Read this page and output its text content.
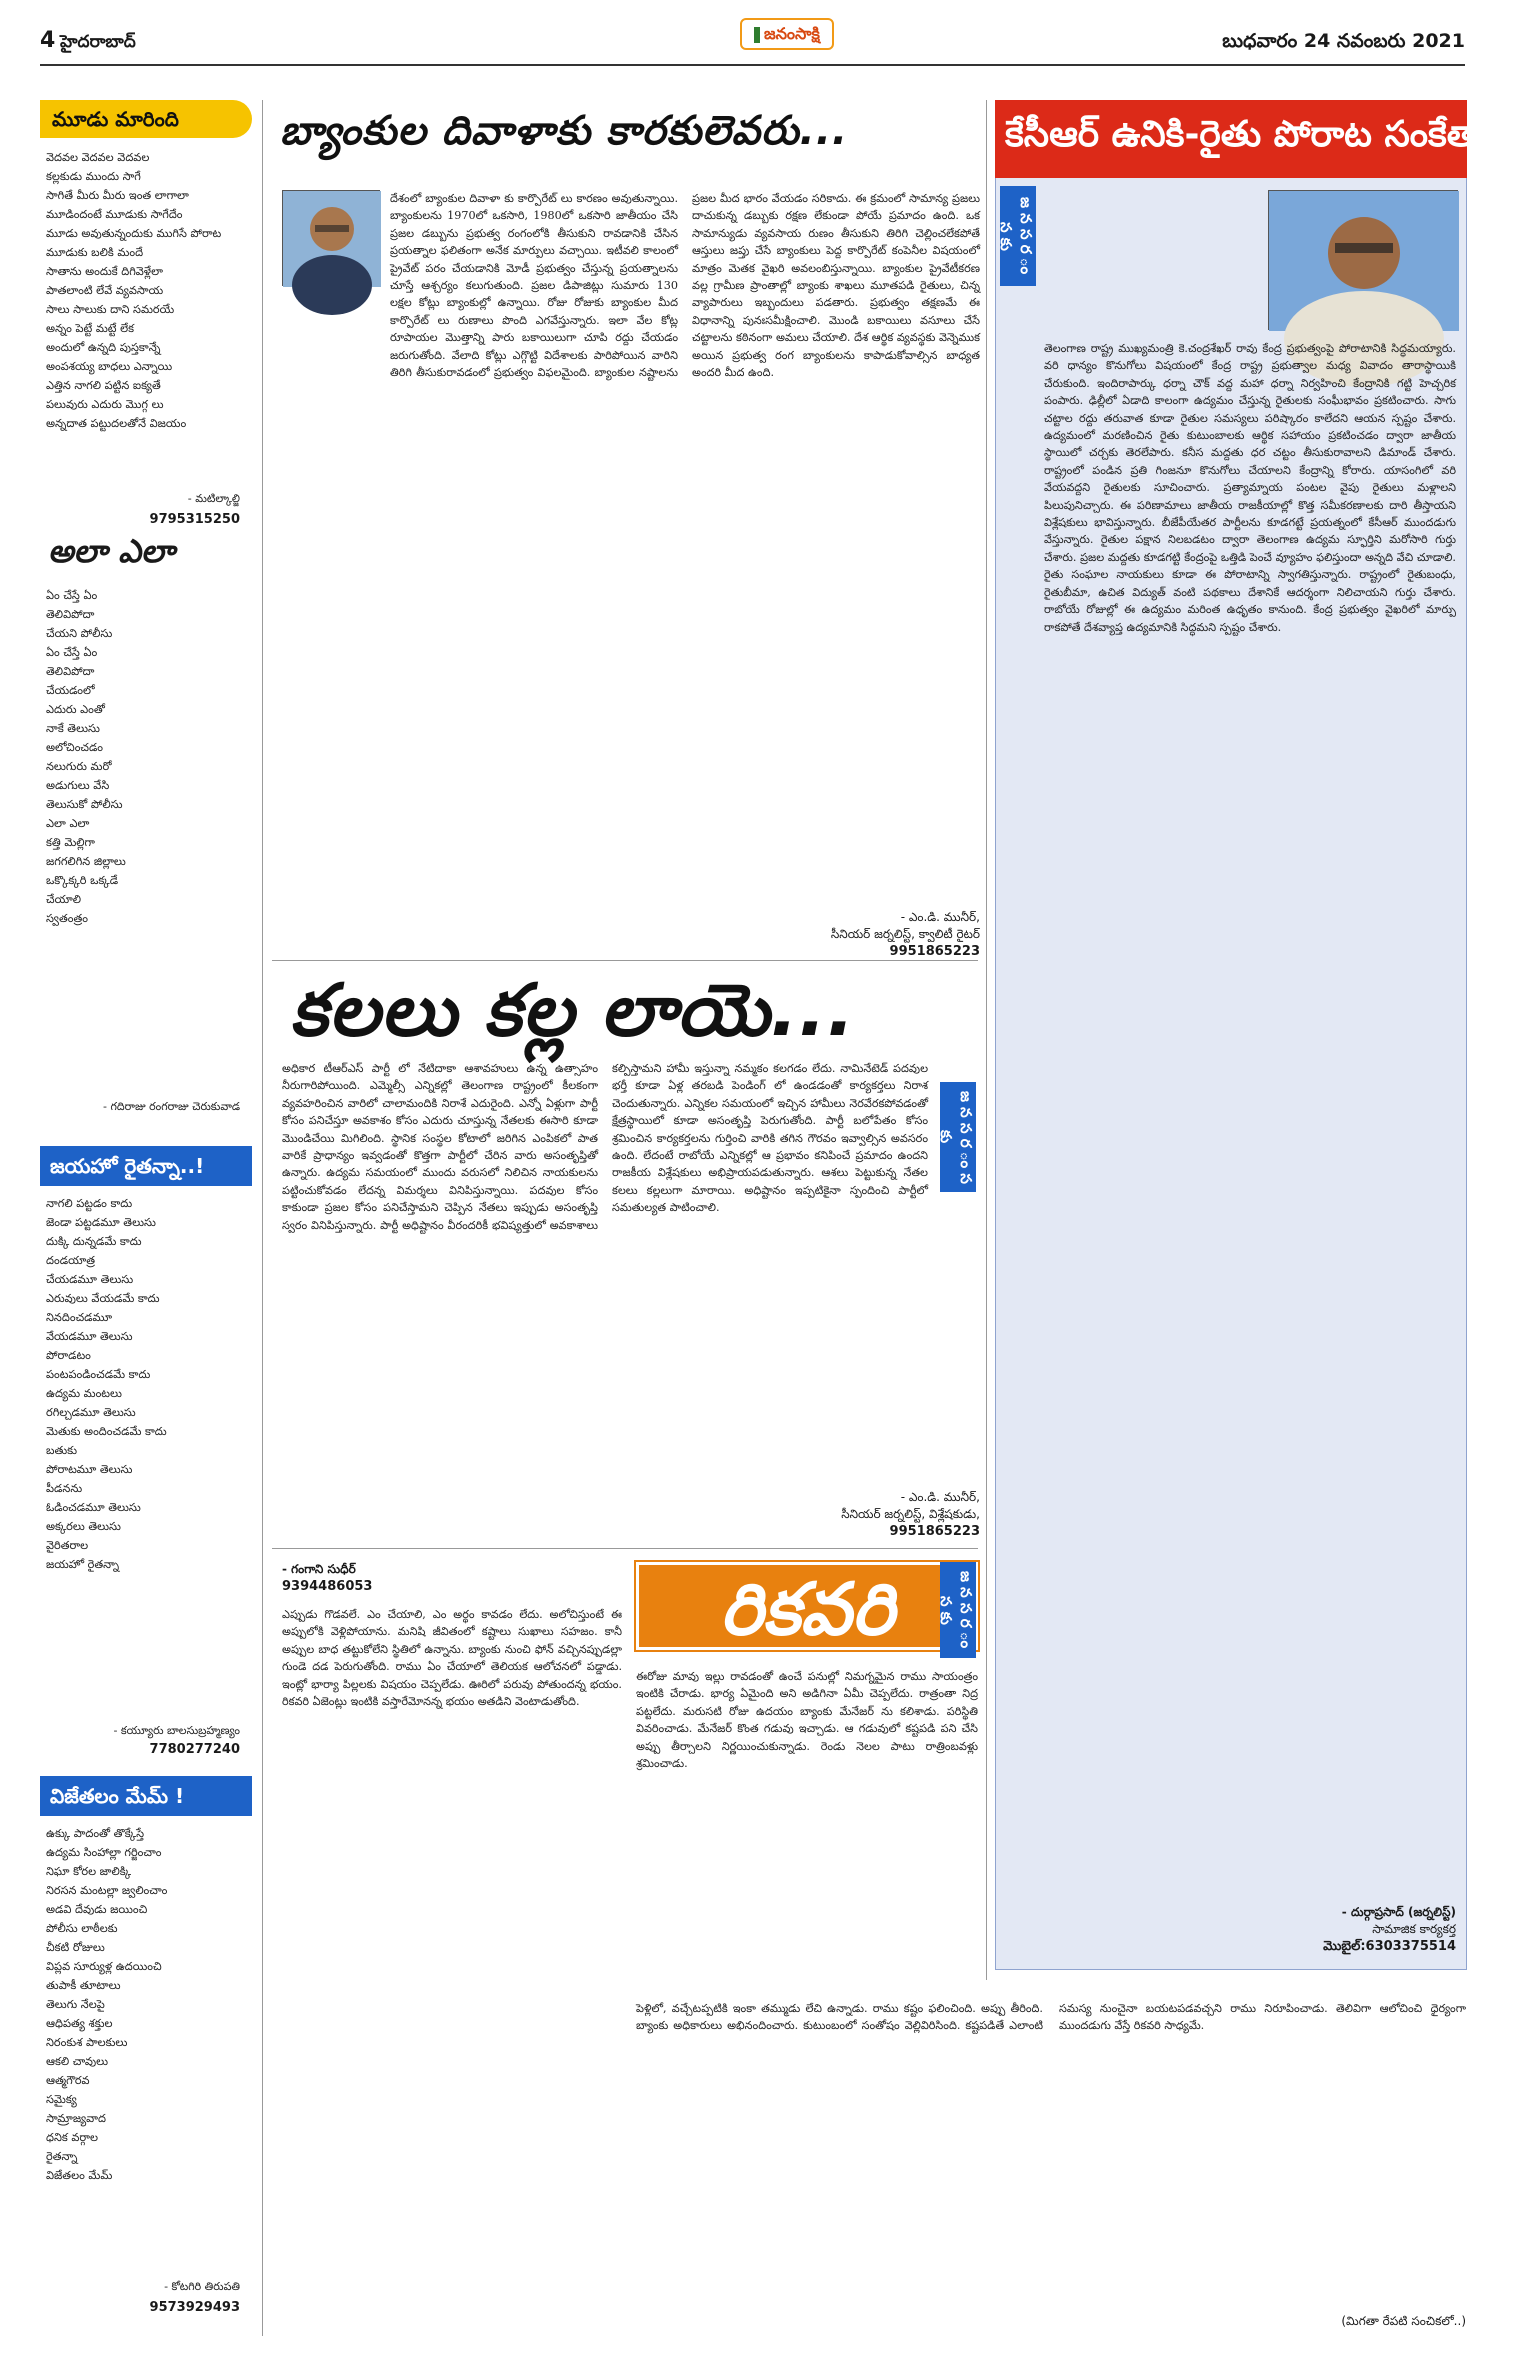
4 హైదరాబాద్	జనంసాక్షి	బుధవారం 24 నవంబరు 2021
మూడు మారింది
వెదవల వెదవల వెదవల
కల్లకుడు ముందు సాగే
సాగితే మీరు మీరు ఇంత లాగాలా
మూడిందంటే మూడుకు సాగేదేం
మూడు అవుతున్నందుకు ముగిసే పోరాట
మూడుకు బలికి మందే
సాతాను అందుకే దిగివెళ్లేలా
పాతలాంటి లేవే వ్యవసాయ
సాలు సాలుకు దాని సమరయే
అన్నం పెట్టే మట్టే లేక
అందులో ఉన్నది పుస్తకాన్నే
అంపశయ్య బాధలు ఎన్నాయి
ఎత్తిన నాగలి పట్టిన ఐక్యతే
పలువురు ఎదురు మొగ్గ లు
అన్నదాత పట్టుదలతోనే విజయం
- మటిల్కాల్జి
9795315250
అలా ఎలా
ఏం చేస్తే ఏం
తెలివిపోదా
చేయని పోలీసు
ఏం చేస్తే ఏం
తెలివిపోదా
చేయడంలో
ఎదురు ఎంతో
నాకే తెలుసు
అలోచించడం
నలుగురు మరో
అడుగులు వేసి
తెలుసుకో పోలీసు
ఎలా ఎలా
కత్తి మెల్లిగా
జగగలిగిన జిల్లాలు
ఒక్కొక్కరి ఒక్కడే
చేయాలి
స్వతంత్రం
- గదిరాజు రంగరాజు చెరుకువాడ
జయహో రైతన్నా..!
నాగలి పట్టడం కాదు
జెండా పట్టడమూ తెలుసు
దుక్కి దున్నడమే కాదు
దండయాత్ర
చేయడమూ తెలుసు
ఎరువులు వేయడమే కాదు
నినదించడమూ
వేయడమూ తెలుసు
పోరాడటం
పంటపండించడమే కాదు
ఉద్యమ మంటలు
రగిల్చడమూ తెలుసు
మెతుకు అందించడమే కాదు
బతుకు
పోరాటమూ తెలుసు
పీడనను
ఓడించడమూ తెలుసు
అక్కరలు తెలుసు
వైరితరాల
జయహో రైతన్నా
- కయ్యూరు బాలసుబ్రహ్మణ్యం
7780277240
విజేతలం మేమ్ !
ఉక్కు పాదంతో తొక్కేస్తే
ఉద్యమ సింహాల్లా గర్జించాం
నిఘా కోరల జాలిక్కి
నిరసన మంటల్లా జ్వలించాం
అడవి దేవుడు జయించి
పోలీసు లాఠీలకు
చీకటి రోజులు
విప్లవ సూర్యుళ్ల ఉదయించి
తుపాకీ తూటాలు
తెలుగు నేలపై
ఆధిపత్య శక్తుల
నిరంకుశ పాలకులు
ఆకలి చావులు
ఆత్మగౌరవ
సమైక్య
సామ్రాజ్యవాద
ధనిక వర్గాల
రైతన్నా
విజేతలం మేమ్
- కోటగిరి తిరుపతి
9573929493
బ్యాంకుల దివాళాకు కారకులెవరు...
దేశంలో బ్యాంకుల దివాళా కు కార్పొరేట్ లు కారణం అవుతున్నాయి. బ్యాంకులను 1970లో ఒకసారి, 1980లో ఒకసారి జాతీయం చేసి ప్రజల డబ్బును ప్రభుత్వ రంగంలోకి తీసుకుని రావడానికి చేసిన ప్రయత్నాల ఫలితంగా అనేక మార్పులు వచ్చాయి. ఇటీవలి కాలంలో ప్రైవేట్ పరం చేయడానికి మోడీ ప్రభుత్వం చేస్తున్న ప్రయత్నాలను చూస్తే ఆశ్చర్యం కలుగుతుంది. ప్రజల డిపాజిట్లు సుమారు 130 లక్షల కోట్లు బ్యాంకుల్లో ఉన్నాయి. రోజు రోజుకు బ్యాంకుల మీద కార్పొరేట్ లు రుణాలు పొంది ఎగవేస్తున్నారు. ఇలా వేల కోట్ల రూపాయల మొత్తాన్ని పారు బకాయిలుగా చూపి రద్దు చేయడం జరుగుతోంది. వేలాది కోట్లు ఎగ్గొట్టి విదేశాలకు పారిపోయిన వారిని తిరిగి తీసుకురావడంలో ప్రభుత్వం విఫలమైంది. బ్యాంకుల నష్టాలను ప్రజల మీద భారం వేయడం సరికాదు. ఈ క్రమంలో సామాన్య ప్రజలు దాచుకున్న డబ్బుకు రక్షణ లేకుండా పోయే ప్రమాదం ఉంది. ఒక సామాన్యుడు వ్యవసాయ రుణం తీసుకుని తిరిగి చెల్లించలేకపోతే ఆస్తులు జప్తు చేసే బ్యాంకులు పెద్ద కార్పొరేట్ కంపెనీల విషయంలో మాత్రం మెతక వైఖరి అవలంబిస్తున్నాయి. బ్యాంకుల ప్రైవేటీకరణ వల్ల గ్రామీణ ప్రాంతాల్లో బ్యాంకు శాఖలు మూతపడి రైతులు, చిన్న వ్యాపారులు ఇబ్బందులు పడతారు. ప్రభుత్వం తక్షణమే ఈ విధానాన్ని పునఃసమీక్షించాలి. మొండి బకాయిలు వసూలు చేసే చట్టాలను కఠినంగా అమలు చేయాలి. దేశ ఆర్థిక వ్యవస్థకు వెన్నెముక అయిన ప్రభుత్వ రంగ బ్యాంకులను కాపాడుకోవాల్సిన బాధ్యత అందరి మీద ఉంది.
- ఎం.డి. మునీర్,
సీనియర్ జర్నలిస్ట్, క్వాలిటీ రైటర్
9951865223
కలలు కల్ల లాయె...
జ న స ర ం స కు
అధికార టీఆర్ఎస్ పార్టీ లో నేటిదాకా ఆశావహులు ఉన్న ఉత్సాహం నీరుగారిపోయింది. ఎమ్మెల్సీ ఎన్నికల్లో తెలంగాణ రాష్ట్రంలో కీలకంగా వ్యవహరించిన వారిలో చాలామందికి నిరాశే ఎదురైంది. ఎన్నో ఏళ్లుగా పార్టీ కోసం పనిచేస్తూ అవకాశం కోసం ఎదురు చూస్తున్న నేతలకు ఈసారి కూడా మొండిచేయి మిగిలింది. స్థానిక సంస్థల కోటాలో జరిగిన ఎంపికలో పాత వారికే ప్రాధాన్యం ఇవ్వడంతో కొత్తగా పార్టీలో చేరిన వారు అసంతృప్తితో ఉన్నారు. ఉద్యమ సమయంలో ముందు వరుసలో నిలిచిన నాయకులను పట్టించుకోవడం లేదన్న విమర్శలు వినిపిస్తున్నాయి. పదవుల కోసం కాకుండా ప్రజల కోసం పనిచేస్తామని చెప్పిన నేతలు ఇప్పుడు అసంతృప్తి స్వరం వినిపిస్తున్నారు. పార్టీ అధిష్టానం వీరందరికీ భవిష్యత్తులో అవకాశాలు కల్పిస్తామని హామీ ఇస్తున్నా నమ్మకం కలగడం లేదు. నామినేటెడ్ పదవుల భర్తీ కూడా ఏళ్ల తరబడి పెండింగ్ లో ఉండడంతో కార్యకర్తలు నిరాశ చెందుతున్నారు. ఎన్నికల సమయంలో ఇచ్చిన హామీలు నెరవేరకపోవడంతో క్షేత్రస్థాయిలో కూడా అసంతృప్తి పెరుగుతోంది. పార్టీ బలోపేతం కోసం శ్రమించిన కార్యకర్తలను గుర్తించి వారికి తగిన గౌరవం ఇవ్వాల్సిన అవసరం ఉంది. లేదంటే రాబోయే ఎన్నికల్లో ఆ ప్రభావం కనిపించే ప్రమాదం ఉందని రాజకీయ విశ్లేషకులు అభిప్రాయపడుతున్నారు. ఆశలు పెట్టుకున్న నేతల కలలు కల్లలుగా మారాయి. అధిష్టానం ఇప్పటికైనా స్పందించి పార్టీలో సమతుల్యత పాటించాలి.
- ఎం.డి. మునీర్,
సీనియర్ జర్నలిస్ట్, విశ్లేషకుడు,
9951865223
కేసీఆర్ ఉనికి-రైతు పోరాట సంకేతాలు
జ న స ర ం స కు
తెలంగాణ రాష్ట్ర ముఖ్యమంత్రి కె.చంద్రశేఖర్ రావు కేంద్ర ప్రభుత్వంపై పోరాటానికి సిద్ధమయ్యారు. వరి ధాన్యం కొనుగోలు విషయంలో కేంద్ర రాష్ట్ర ప్రభుత్వాల మధ్య వివాదం తారాస్థాయికి చేరుకుంది. ఇందిరాపార్కు ధర్నా చౌక్ వద్ద మహా ధర్నా నిర్వహించి కేంద్రానికి గట్టి హెచ్చరిక పంపారు. ఢిల్లీలో ఏడాది కాలంగా ఉద్యమం చేస్తున్న రైతులకు సంఘీభావం ప్రకటించారు. సాగు చట్టాల రద్దు తరువాత కూడా రైతుల సమస్యలు పరిష్కారం కాలేదని ఆయన స్పష్టం చేశారు. ఉద్యమంలో మరణించిన రైతు కుటుంబాలకు ఆర్థిక సహాయం ప్రకటించడం ద్వారా జాతీయ స్థాయిలో చర్చకు తెరలేపారు. కనీస మద్దతు ధర చట్టం తీసుకురావాలని డిమాండ్ చేశారు. రాష్ట్రంలో పండిన ప్రతి గింజనూ కొనుగోలు చేయాలని కేంద్రాన్ని కోరారు. యాసంగిలో వరి వేయవద్దని రైతులకు సూచించారు. ప్రత్యామ్నాయ పంటల వైపు రైతులు మళ్లాలని పిలుపునిచ్చారు. ఈ పరిణామాలు జాతీయ రాజకీయాల్లో కొత్త సమీకరణాలకు దారి తీస్తాయని విశ్లేషకులు భావిస్తున్నారు. బీజేపీయేతర పార్టీలను కూడగట్టే ప్రయత్నంలో కేసీఆర్ ముందడుగు వేస్తున్నారు. రైతుల పక్షాన నిలబడటం ద్వారా తెలంగాణ ఉద్యమ స్ఫూర్తిని మరోసారి గుర్తు చేశారు. ప్రజల మద్దతు కూడగట్టి కేంద్రంపై ఒత్తిడి పెంచే వ్యూహం ఫలిస్తుందా అన్నది వేచి చూడాలి. రైతు సంఘాల నాయకులు కూడా ఈ పోరాటాన్ని స్వాగతిస్తున్నారు. రాష్ట్రంలో రైతుబంధు, రైతుబీమా, ఉచిత విద్యుత్ వంటి పథకాలు దేశానికే ఆదర్శంగా నిలిచాయని గుర్తు చేశారు. రాబోయే రోజుల్లో ఈ ఉద్యమం మరింత ఉధృతం కానుంది. కేంద్ర ప్రభుత్వం వైఖరిలో మార్పు రాకపోతే దేశవ్యాప్త ఉద్యమానికి సిద్ధమని స్పష్టం చేశారు.
- దుర్గాప్రసాద్ (జర్నలిస్ట్)
సామాజిక కార్యకర్త
మొబైల్:6303375514
- గంగాని సుధీర్
9394486053
ఎప్పుడు గొడవలే. ఎం చేయాలి, ఎం అర్థం కావడం లేదు. అలోచిస్తుంటే ఈ అప్పులోకి వెళ్లిపోయాను. మనిషి జీవితంలో కష్టాలు సుఖాలు సహజం. కానీ అప్పుల బాధ తట్టుకోలేని స్థితిలో ఉన్నాను. బ్యాంకు నుంచి ఫోన్ వచ్చినప్పుడల్లా గుండె దడ పెరుగుతోంది. రాము ఏం చేయాలో తెలియక ఆలోచనలో పడ్డాడు. ఇంట్లో భార్యా పిల్లలకు విషయం చెప్పలేడు. ఊరిలో పరువు పోతుందన్న భయం. రికవరి ఏజెంట్లు ఇంటికి వస్తారేమోనన్న భయం అతడిని వెంటాడుతోంది.
రికవరి	జ న స ర ం స కు
ఈరోజు మావు ఇల్లు రావడంతో ఉంచే పనుల్లో నిమగ్నమైన రాము సాయంత్రం ఇంటికి చేరాడు. భార్య ఏమైంది అని అడిగినా ఏమీ చెప్పలేదు. రాత్రంతా నిద్ర పట్టలేదు. మరుసటి రోజు ఉదయం బ్యాంకు మేనేజర్ ను కలిశాడు. పరిస్థితి వివరించాడు. మేనేజర్ కొంత గడువు ఇచ్చాడు. ఆ గడువులో కష్టపడి పని చేసి అప్పు తీర్చాలని నిర్ణయించుకున్నాడు. రెండు నెలల పాటు రాత్రింబవళ్లు శ్రమించాడు.
పెళ్లిలో, వచ్చేటప్పటికి ఇంకా తమ్ముడు లేచి ఉన్నాడు. రాము కష్టం ఫలించింది. అప్పు తీరింది. బ్యాంకు అధికారులు అభినందించారు. కుటుంబంలో సంతోషం వెల్లివిరిసింది. కష్టపడితే ఎలాంటి సమస్య నుంచైనా బయటపడవచ్చని రాము నిరూపించాడు. తెలివిగా ఆలోచించి ధైర్యంగా ముందడుగు వేస్తే రికవరి సాధ్యమే.
(మిగతా రేపటి సంచికలో..)
